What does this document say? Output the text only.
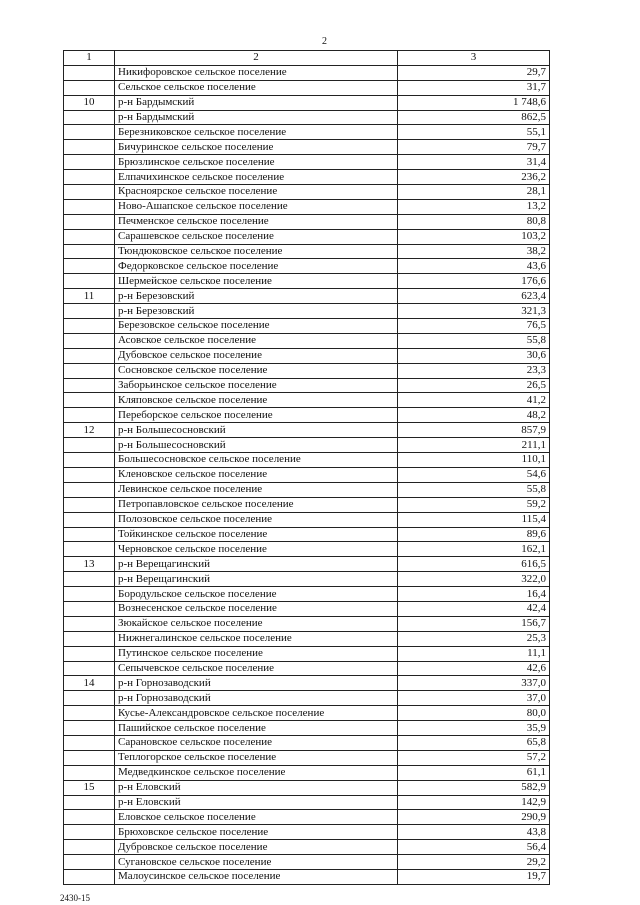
2
1	2	3
	Никифоровское сельское поселение	29,7
	Сельское сельское поселение	31,7
10	р-н Бардымский	1 748,6
	р-н Бардымский	862,5
	Березниковское сельское поселение	55,1
	Бичуринское сельское поселение	79,7
	Брюзлинское сельское поселение	31,4
	Елпачихинское сельское поселение	236,2
	Красноярское сельское поселение	28,1
	Ново-Ашапское сельское поселение	13,2
	Печменское сельское поселение	80,8
	Сарашевское сельское поселение	103,2
	Тюндюковское сельское поселение	38,2
	Федорковское сельское поселение	43,6
	Шермейское сельское поселение	176,6
11	р-н Березовский	623,4
	р-н Березовский	321,3
	Березовское сельское поселение	76,5
	Асовское сельское поселение	55,8
	Дубовское сельское поселение	30,6
	Сосновское сельское поселение	23,3
	Заборьинское сельское поселение	26,5
	Кляповское сельское поселение	41,2
	Переборское сельское поселение	48,2
12	р-н Большесосновский	857,9
	р-н Большесосновский	211,1
	Большесосновское сельское поселение	110,1
	Кленовское сельское поселение	54,6
	Левинское сельское поселение	55,8
	Петропавловское сельское поселение	59,2
	Полозовское сельское поселение	115,4
	Тойкинское сельское поселение	89,6
	Черновское сельское поселение	162,1
13	р-н Верещагинский	616,5
	р-н Верещагинский	322,0
	Бородульское сельское поселение	16,4
	Вознесенское сельское поселение	42,4
	Зюкайское сельское поселение	156,7
	Нижнегалинское сельское поселение	25,3
	Путинское сельское поселение	11,1
	Сепычевское сельское поселение	42,6
14	р-н Горнозаводский	337,0
	р-н Горнозаводский	37,0
	Кусье-Александровское сельское поселение	80,0
	Пашийское сельское поселение	35,9
	Сарановское сельское поселение	65,8
	Теплогорское сельское поселение	57,2
	Медведкинское сельское поселение	61,1
15	р-н Еловский	582,9
	р-н Еловский	142,9
	Еловское сельское поселение	290,9
	Брюховское сельское поселение	43,8
	Дубровское сельское поселение	56,4
	Сугановское сельское поселение	29,2
	Малоусинское сельское поселение	19,7
2430-15
